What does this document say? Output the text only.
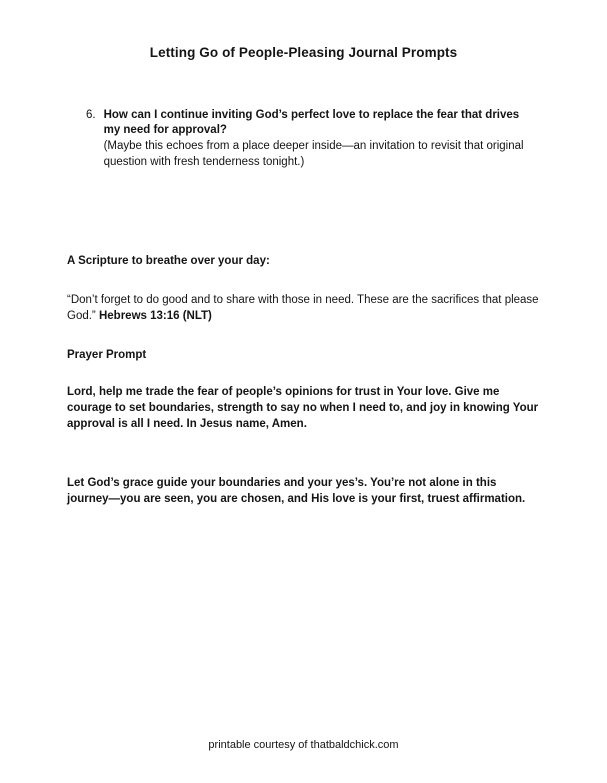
Letting Go of People-Pleasing Journal Prompts
6. How can I continue inviting God’s perfect love to replace the fear that drives my need for approval?
(Maybe this echoes from a place deeper inside—an invitation to revisit that original question with fresh tenderness tonight.)
A Scripture to breathe over your day:
“Don’t forget to do good and to share with those in need. These are the sacrifices that please God.” Hebrews 13:16 (NLT)
Prayer Prompt
Lord, help me trade the fear of people’s opinions for trust in Your love. Give me courage to set boundaries, strength to say no when I need to, and joy in knowing Your approval is all I need. In Jesus name, Amen.
Let God’s grace guide your boundaries and your yes’s. You’re not alone in this journey—you are seen, you are chosen, and His love is your first, truest affirmation.
printable courtesy of thatbaldchick.com
